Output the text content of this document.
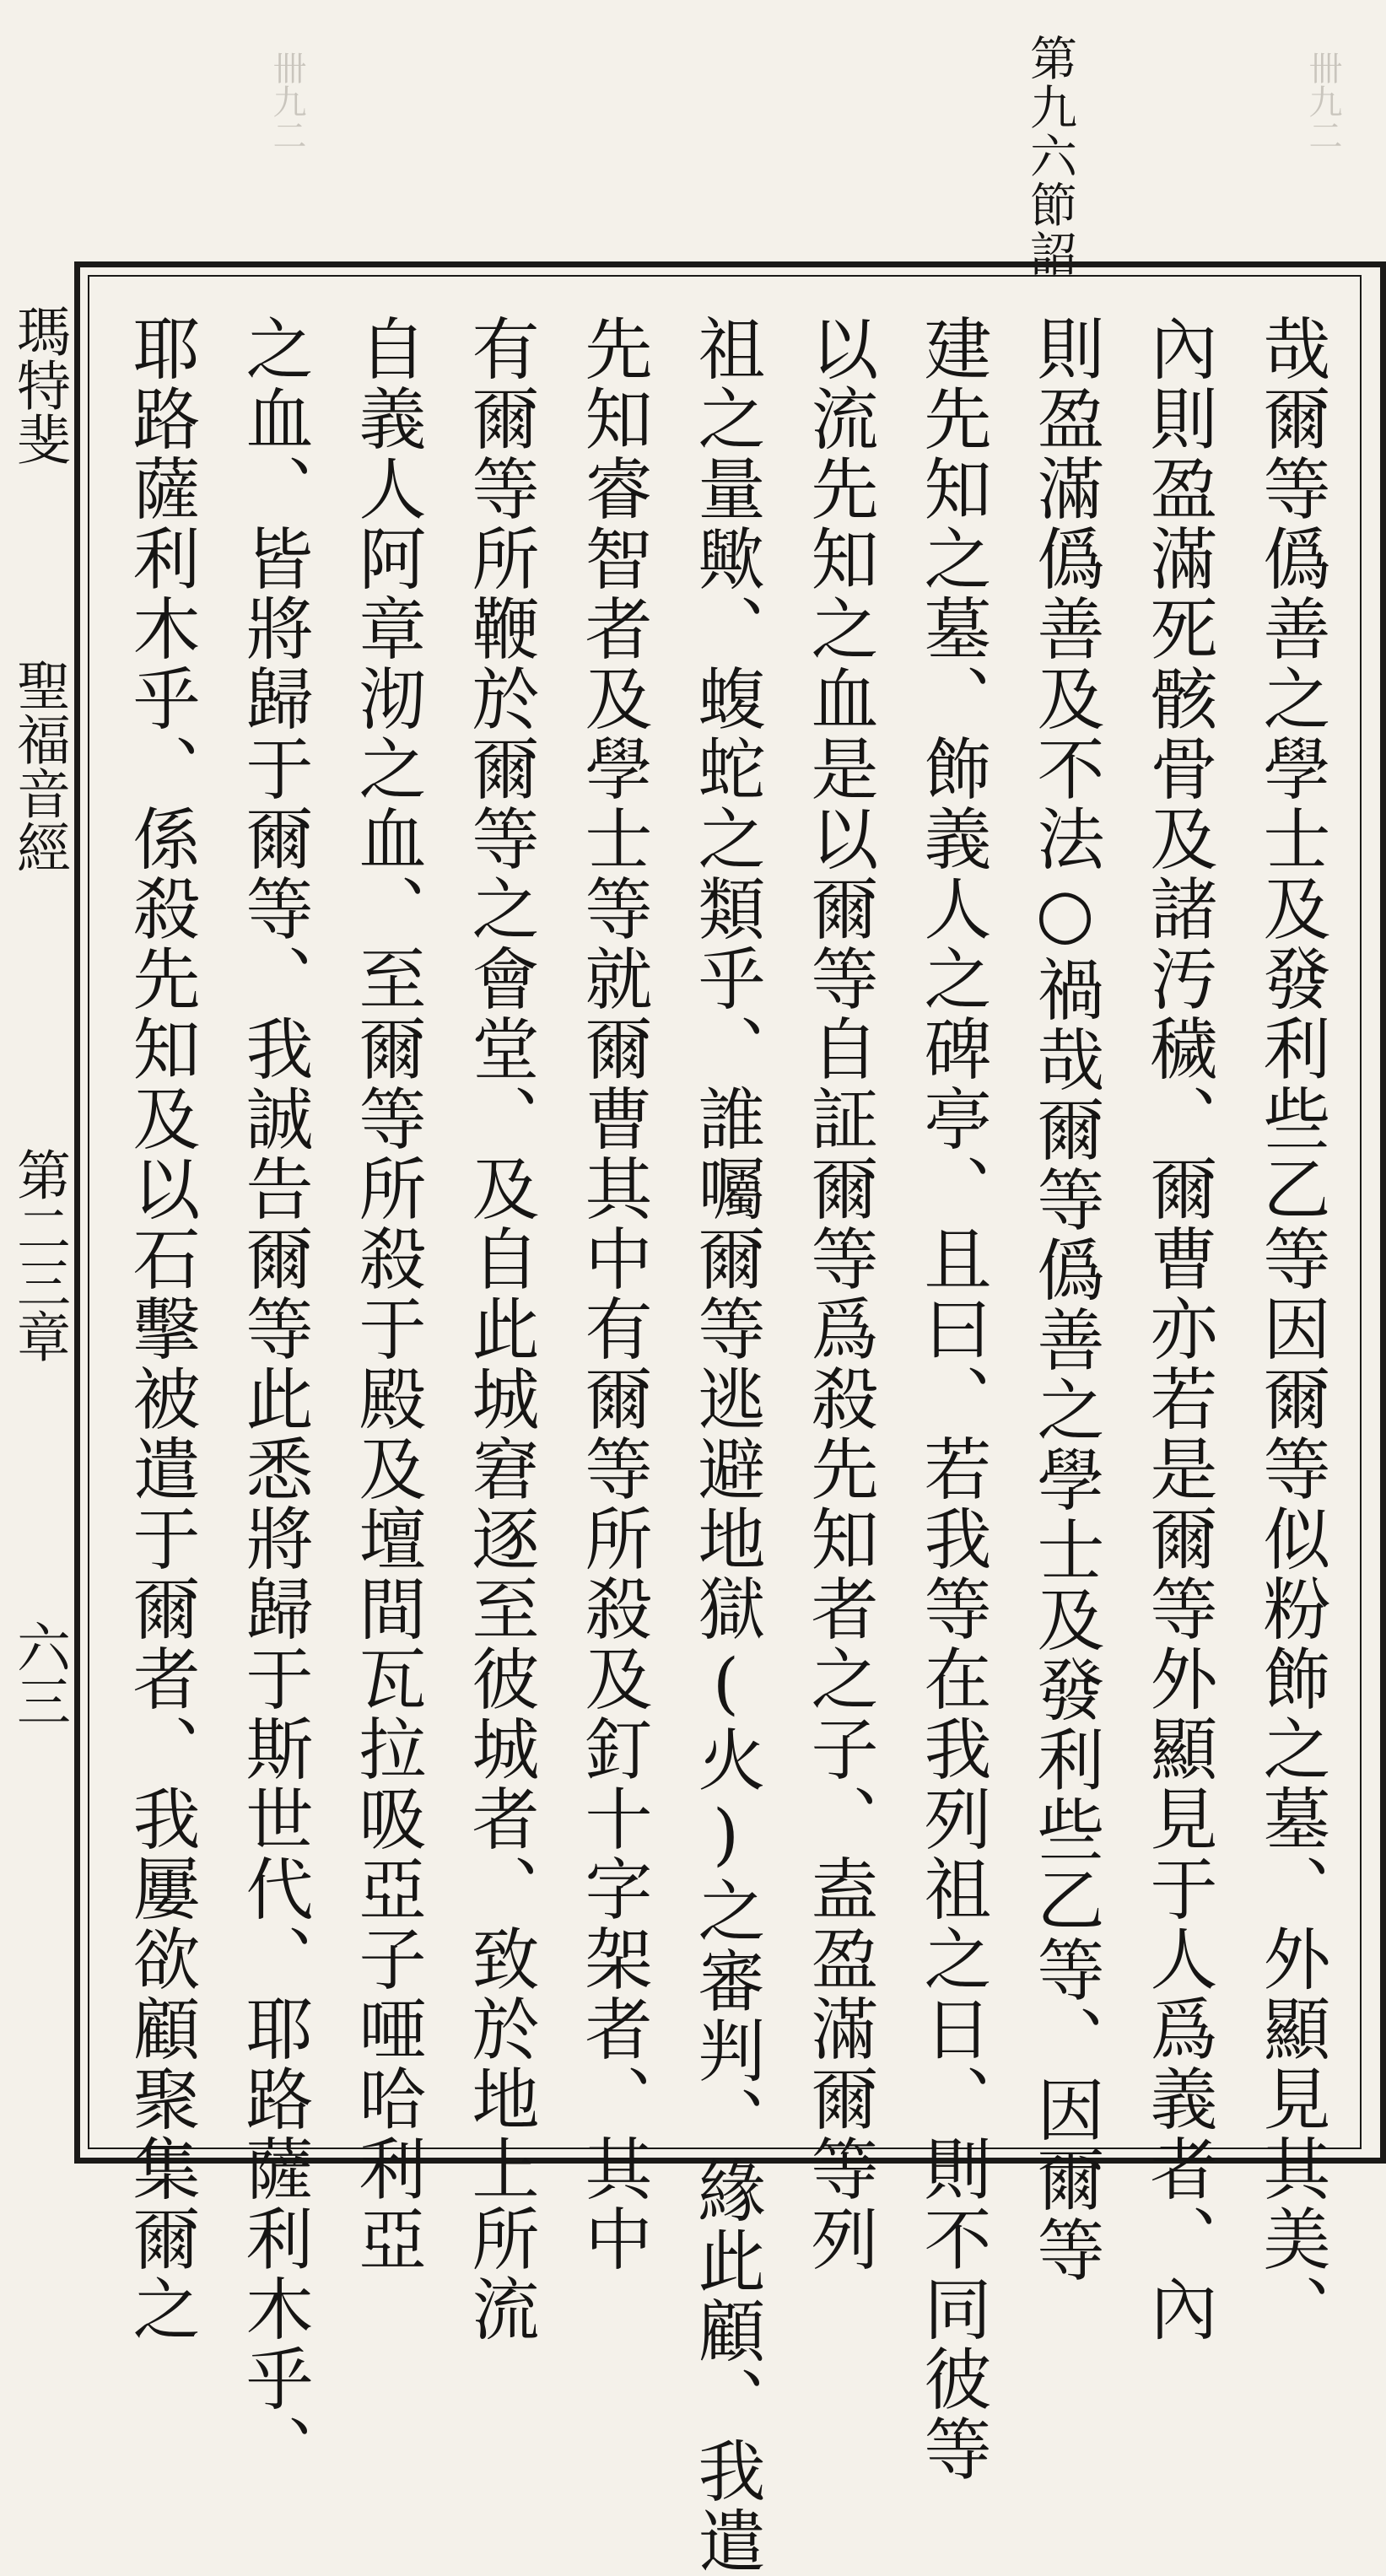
卌九二
卌九二	第九六節詔
瑪特斐
聖福音經
第二三章
六三	哉爾等僞善之學士及發利些乙等因爾等似粉飾之墓、外顯見其美、
內則盈滿死骸骨及諸汚穢、爾曹亦若是爾等外顯見于人爲義者、內
則盈滿僞善及不法○禍哉爾等僞善之學士及發利些乙等、因爾等
建先知之墓、飾義人之碑亭、且曰、若我等在我列祖之日、則不同彼等
以流先知之血是以爾等自証爾等爲殺先知者之子、盍盈滿爾等列
祖之量歟、蝮蛇之類乎、誰囑爾等逃避地獄(火)之審判、緣此顧、我遣
先知睿智者及學士等就爾曹其中有爾等所殺及釘十字架者、其中
有爾等所鞭於爾等之會堂、及自此城窘逐至彼城者、致於地上所流
自義人阿章沏之血、至爾等所殺于殿及壇間瓦拉吸亞子唖哈利亞
之血、皆將歸于爾等、我誠告爾等此悉將歸于斯世代、耶路薩利木乎、
耶路薩利木乎、係殺先知及以石擊被遣于爾者、我屢欲顧聚集爾之
